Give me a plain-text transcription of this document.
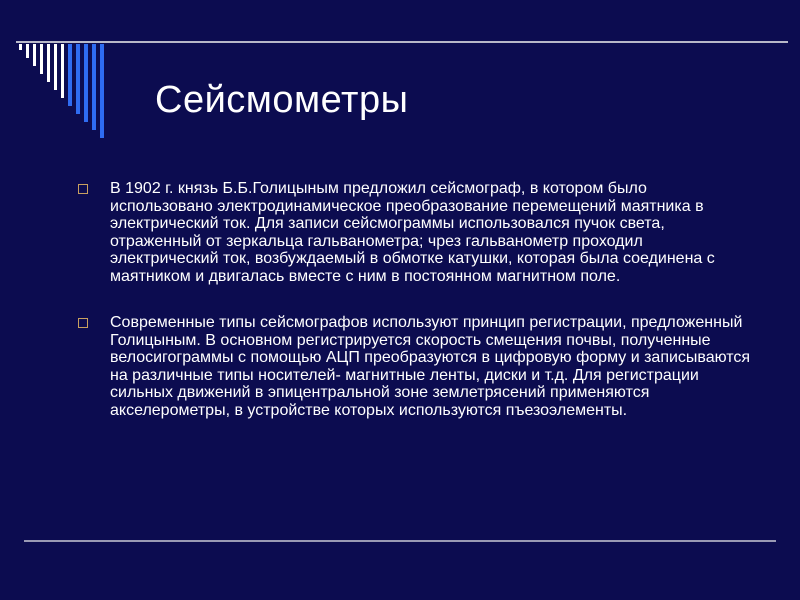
Сейсмометры
В 1902 г. князь Б.Б.Голицыным предложил сейсмограф, в котором было использовано электродинамическое преобразование перемещений маятника в электрический ток. Для записи сейсмограммы использовался пучок света, отраженный от зеркальца гальванометра; чрез гальванометр проходил электрический ток, возбуждаемый в обмотке катушки, которая была соединена с маятником и двигалась вместе с ним в постоянном магнитном поле.
Современные типы сейсмографов используют принцип регистрации, предложенный Голицыным. В основном регистрируется скорость смещения почвы, полученные велосигограммы с помощью АЦП преобразуются в цифровую форму и записываются на различные типы носителей- магнитные ленты, диски и т.д. Для регистрации сильных движений в эпицентральной зоне землетрясений применяются акселерометры, в устройстве которых используются пъезоэлементы.
